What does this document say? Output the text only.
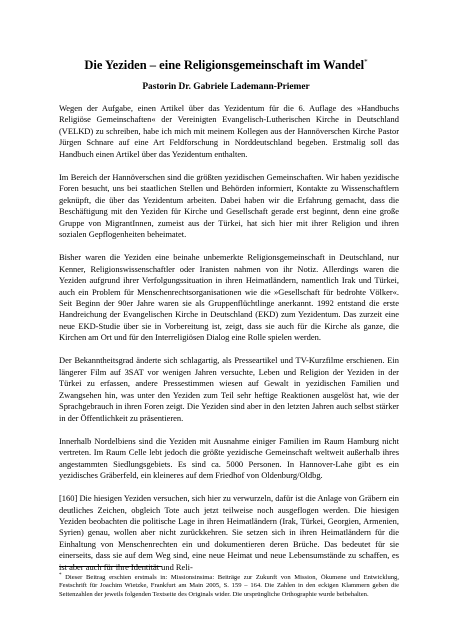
Die Yeziden – eine Religionsgemeinschaft im Wandel*
Pastorin Dr. Gabriele Lademann-Priemer

Wegen der Aufgabe, einen Artikel über das Yezidentum für die 6. Auflage des »Handbuchs Religiöse Gemeinschaften« der Vereinigten Evangelisch-Lutherischen Kirche in Deutschland (VELKD) zu schreiben, habe ich mich mit meinem Kollegen aus der Hannöverschen Kirche Pastor Jürgen Schnare auf eine Art Feldforschung in Norddeutschland begeben. Erstmalig soll das Handbuch einen Artikel über das Yezidentum enthalten.

Im Bereich der Hannöverschen sind die größten yezidischen Gemeinschaften. Wir haben yezidische Foren besucht, uns bei staatlichen Stellen und Behörden informiert, Kontakte zu Wissenschaftlern geknüpft, die über das Yezidentum arbeiten. Dabei haben wir die Erfahrung gemacht, dass die Beschäftigung mit den Yeziden für Kirche und Gesellschaft gerade erst beginnt, denn eine große Gruppe von MigrantInnen, zumeist aus der Türkei, hat sich hier mit ihrer Religion und ihren sozialen Gepflogenheiten beheimatet.

Bisher waren die Yeziden eine beinahe unbemerkte Religionsgemeinschaft in Deutschland, nur Kenner, Religionswissenschaftler oder Iranisten nahmen von ihr Notiz. Allerdings waren die Yeziden aufgrund ihrer Verfolgungssituation in ihren Heimatländern, namentlich Irak und Türkei, auch ein Problem für Menschenrechtsorganisationen wie die »Gesellschaft für bedrohte Völker«. Seit Beginn der 90er Jahre waren sie als Gruppenflüchtlinge anerkannt. 1992 entstand die erste Handreichung der Evangelischen Kirche in Deutschland (EKD) zum Yezidentum. Das zurzeit eine neue EKD-Studie über sie in Vorbereitung ist, zeigt, dass sie auch für die Kirche als ganze, die Kirchen am Ort und für den Interreligiösen Dialog eine Rolle spielen werden.

Der Bekanntheitsgrad änderte sich schlagartig, als Presseartikel und TV-Kurzfilme erschienen. Ein längerer Film auf 3SAT vor wenigen Jahren versuchte, Leben und Religion der Yeziden in der Türkei zu erfassen, andere Pressestimmen wiesen auf Gewalt in yezidischen Familien und Zwangsehen hin, was unter den Yeziden zum Teil sehr heftige Reaktionen ausgelöst hat, wie der Sprachgebrauch in ihren Foren zeigt. Die Yeziden sind aber in den letzten Jahren auch selbst stärker in der Öffentlichkeit zu präsentieren.

Innerhalb Nordelbiens sind die Yeziden mit Ausnahme einiger Familien im Raum Hamburg nicht vertreten. Im Raum Celle lebt jedoch die größte yezidische Gemeinschaft weltweit außerhalb ihres angestammten Siedlungsgebiets. Es sind ca. 5000 Personen. In Hannover-Lahe gibt es ein yezidisches Gräberfeld, ein kleineres auf dem Friedhof von Oldenburg/Oldbg.

[160] Die hiesigen Yeziden versuchen, sich hier zu verwurzeln, dafür ist die Anlage von Gräbern ein deutliches Zeichen, obgleich Tote auch jetzt teilweise noch ausgeflogen werden. Die hiesigen Yeziden beobachten die politische Lage in ihren Heimatländern (Irak, Türkei, Georgien, Armenien, Syrien) genau, wollen aber nicht zurückkehren. Sie setzen sich in ihren Heimatländern für die Einhaltung von Menschenrechten ein und dokumentieren deren Brüche. Das bedeutet für sie einerseits, dass sie auf dem Weg sind, eine neue Heimat und neue Lebensumstände zu schaffen, es ist aber auch für ihre Identität und Reli-

* Dieser Beitrag erschien erstmals in: Missionsinsima: Beiträge zur Zukunft von Mission, Ökumene und Entwicklung, Festschrift für Joachim Wietzke, Frankfurt am Main 2005, S. 159 – 164. Die Zahlen in den eckigen Klammern geben die Seitenzahlen der jeweils folgenden Textseite des Originals wider. Die ursprüngliche Orthographie wurde beibehalten.
